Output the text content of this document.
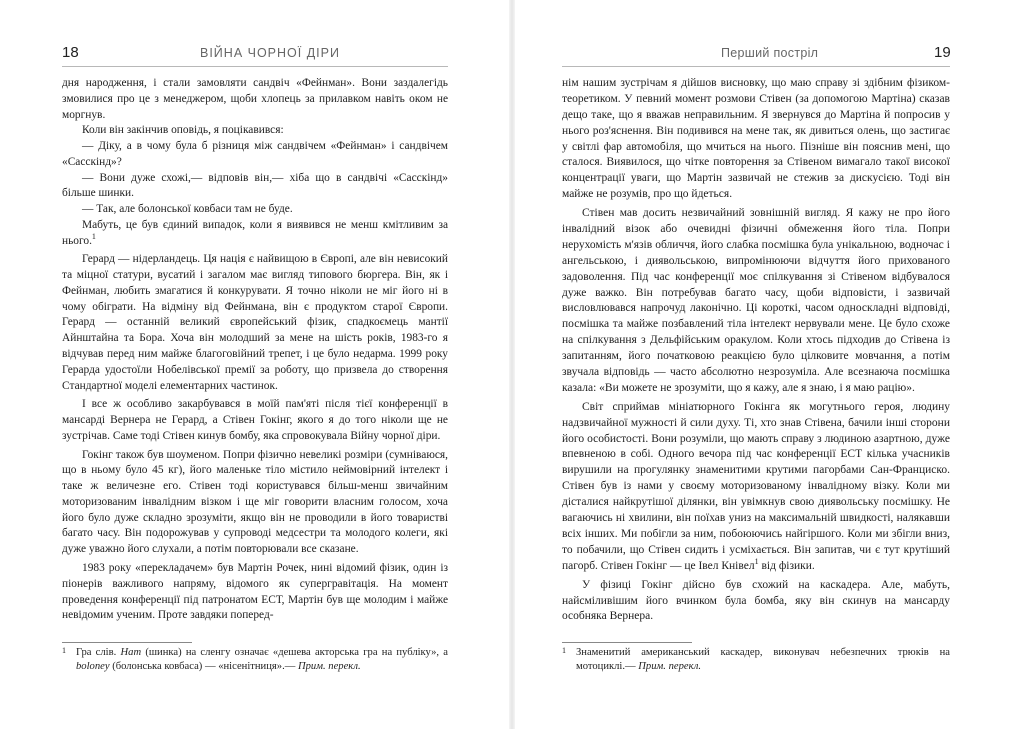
18	ВІЙНА ЧОРНОЇ ДІРИ

дня народження, і стали замовляти сандвіч «Фейнман». Вони заздалегідь змовилися про це з менеджером, щоби хлопець за прилавком навіть оком не моргнув.

Коли він закінчив оповідь, я поцікавився:

— Діку, а в чому була б різниця між сандвічем «Фейнман» і сандвічем «Сасскінд»?

— Вони дуже схожі,— відповів він,— хіба що в сандвічі «Сасскінд» більше шинки.

— Так, але болонської ковбаси там не буде.

Мабуть, це був єдиний випадок, коли я виявився не менш кмітливим за нього.$^1$

Герард — нідерландець. Ця нація є найвищою в Європі, але він невисокий та міцної статури, вусатий і загалом має вигляд типового бюргера. Він, як і Фейнман, любить змагатися й конкурувати. Я точно ніколи не міг його ні в чому обіграти. На відміну від Фейнмана, він є продуктом старої Європи. Герард — останній великий європейський фізик, спадкоємець мантії Айнштайна та Бора. Хоча він молодший за мене на шість років, 1983-го я відчував перед ним майже благоговійний трепет, і це було недарма. 1999 року Герарда удостоїли Нобелівської премії за роботу, що призвела до створення Стандартної моделі елементарних частинок.

І все ж особливо закарбувався в моїй пам'яті після тієї конференції в мансарді Вернера не Герард, а Стівен Гокінг, якого я до того ніколи ще не зустрічав. Саме тоді Стівен кинув бомбу, яка спровокувала Війну чорної діри.

Гокінг також був шоуменом. Попри фізично невеликі розміри (сумніваюся, що в ньому було 45 кг), його маленьке тіло містило неймовірний інтелект і таке ж величезне его. Стівен тоді користувався більш-менш звичайним моторизованим інвалідним візком і ще міг говорити власним голосом, хоча його було дуже складно зрозуміти, якщо він не проводили в його товаристві багато часу. Він подорожував у супроводі медсестри та молодого колеги, які дуже уважно його слухали, а потім повторювали все сказане.

1983 року «перекладачем» був Мартін Рочек, нині відомий фізик, один із піонерів важливого напряму, відомого як супергравітація. На момент проведення конференції під патронатом ЕСТ, Мартін був ще молодим і майже невідомим ученим. Проте завдяки поперед-

1 Гра слів. Ham (шинка) на сленгу означає «дешева акторська гра на публіку», а boloney (болонська ковбаса) — «нісенітниця».— Прим. перекл.
Перший постріл	19

нім нашим зустрічам я дійшов висновку, що маю справу зі здібним фізиком-теоретиком. У певний момент розмови Стівен (за допомогою Мартіна) сказав дещо таке, що я вважав неправильним. Я звернувся до Мартіна й попросив у нього роз'яснення. Він подивився на мене так, як дивиться олень, що застигає у світлі фар автомобіля, що мчиться на нього. Пізніше він пояснив мені, що сталося. Виявилося, що чітке повторення за Стівеном вимагало такої високої концентрації уваги, що Мартін зазвичай не стежив за дискусією. Тоді він майже не розумів, про що йдеться.

Стівен мав досить незвичайний зовнішній вигляд. Я кажу не про його інвалідний візок або очевидні фізичні обмеження його тіла. Попри нерухомість м'язів обличчя, його слабка посмішка була унікальною, водночас і ангельською, і диявольською, випромінюючи відчуття його прихованого задоволення. Під час конференції моє спілкування зі Стівеном відбувалося дуже важко. Він потребував багато часу, щоби відповісти, і зазвичай висловлювався напрочуд лаконічно. Ці короткі, часом односкладні відповіді, посмішка та майже позбавлений тіла інтелект нервували мене. Це було схоже на спілкування з Дельфійським оракулом. Коли хтось підходив до Стівена із запитанням, його початковою реакцією було цілковите мовчання, а потім звучала відповідь — часто абсолютно незрозуміла. Але всезнаюча посмішка казала: «Ви можете не зрозуміти, що я кажу, але я знаю, і я маю рацію».

Світ сприймав мініатюрного Гокінга як могутнього героя, людину надзвичайної мужності й сили духу. Ті, хто знав Стівена, бачили інші сторони його особистості. Вони розуміли, що мають справу з людиною азартною, дуже впевненою в собі. Одного вечора під час конференції ЕСТ кілька учасників вирушили на прогулянку знаменитими крутими пагорбами Сан-Франциско. Стівен був із нами у своєму моторизованому інвалідному візку. Коли ми дісталися найкрутішої ділянки, він увімкнув свою диявольську посмішку. Не вагаючись ні хвилини, він поїхав униз на максимальній швидкості, налякавши всіх інших. Ми побігли за ним, побоюючись найгіршого. Коли ми збігли вниз, то побачили, що Стівен сидить і усміхається. Він запитав, чи є тут крутіший пагорб. Стівен Гокінг — це Івел Кнівел$^1$ від фізики.

У фізиці Гокінг дійсно був схожий на каскадера. Але, мабуть, найсміливішим його вчинком була бомба, яку він скинув на мансарду особняка Вернера.

1 Знаменитий американський каскадер, виконувач небезпечних трюків на мотоциклі.— Прим. перекл.
